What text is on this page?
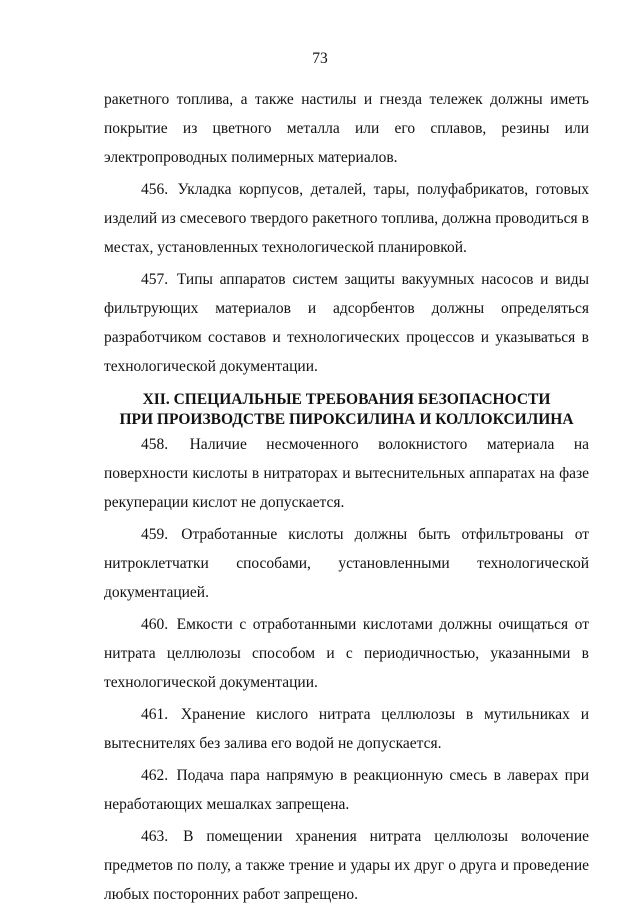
73

ракетного топлива, а также настилы и гнезда тележек должны иметь покрытие из цветного металла или его сплавов, резины или электропроводных полимерных материалов.

456. Укладка корпусов, деталей, тары, полуфабрикатов, готовых изделий из смесевого твердого ракетного топлива, должна проводиться в местах, установленных технологической планировкой.

457. Типы аппаратов систем защиты вакуумных насосов и виды фильтрующих материалов и адсорбентов должны определяться разработчиком составов и технологических процессов и указываться в технологической документации.

XII. СПЕЦИАЛЬНЫЕ ТРЕБОВАНИЯ БЕЗОПАСНОСТИ
ПРИ ПРОИЗВОДСТВЕ ПИРОКСИЛИНА И КОЛЛОКСИЛИНА

458. Наличие несмоченного волокнистого материала на поверхности кислоты в нитраторах и вытеснительных аппаратах на фазе рекуперации кислот не допускается.

459. Отработанные кислоты должны быть отфильтрованы от нитроклетчатки способами, установленными технологической документацией.

460. Емкости с отработанными кислотами должны очищаться от нитрата целлюлозы способом и с периодичностью, указанными в технологической документации.

461. Хранение кислого нитрата целлюлозы в мутильниках и вытеснителях без залива его водой не допускается.

462. Подача пара напрямую в реакционную смесь в лаверах при неработающих мешалках запрещена.

463. В помещении хранения нитрата целлюлозы волочение предметов по полу, а также трение и удары их друг о друга и проведение любых посторонних работ запрещено.
